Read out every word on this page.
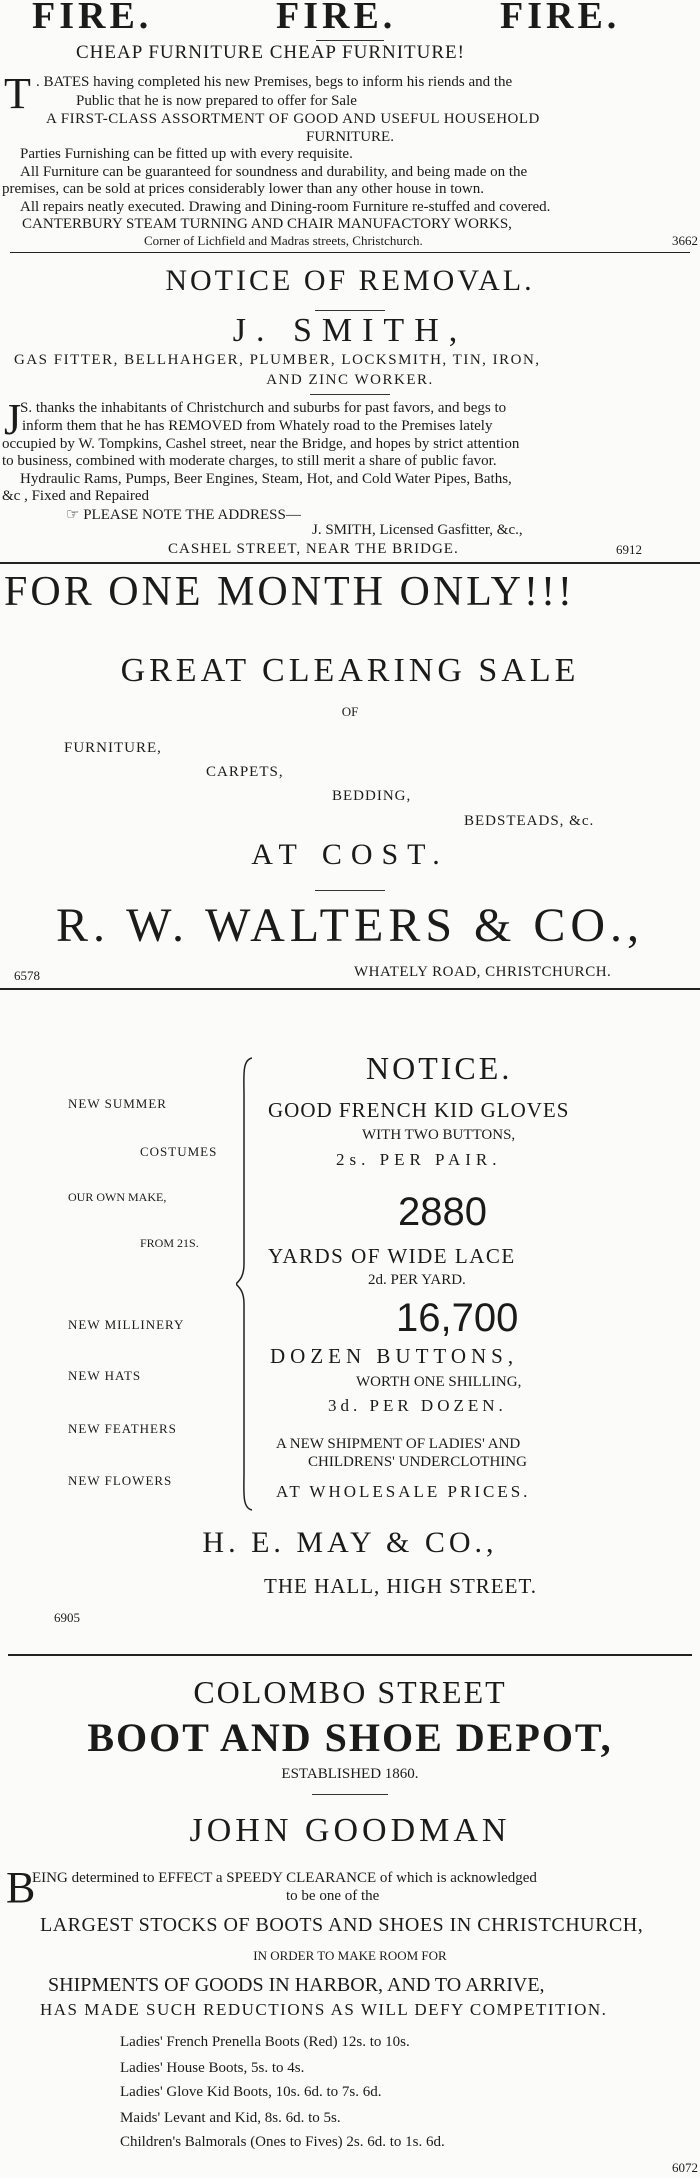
FIRE.	FIRE.	FIRE.
CHEAP FURNITURE CHEAP FURNITURE!
T . BATES having completed his new Premises, begs to inform his riends and the
Public that he is now prepared to offer for Sale
A FIRST-CLASS ASSORTMENT OF GOOD AND USEFUL HOUSEHOLD
FURNITURE.
Parties Furnishing can be fitted up with every requisite.
All Furniture can be guaranteed for soundness and durability, and being made on the
premises, can be sold at prices considerably lower than any other house in town.
All repairs neatly executed. Drawing and Dining-room Furniture re-stuffed and covered.
CANTERBURY STEAM TURNING AND CHAIR MANUFACTORY WORKS,
Corner of Lichfield and Madras streets, Christchurch.	3662
NOTICE OF REMOVAL.
J. SMITH,
GAS FITTER, BELLHAHGER, PLUMBER, LOCKSMITH, TIN, IRON,
AND ZINC WORKER.
J
S. thanks the inhabitants of Christchurch and suburbs for past favors, and begs to
inform them that he has REMOVED from Whately road to the Premises lately
occupied by W. Tompkins, Cashel street, near the Bridge, and hopes by strict attention
to business, combined with moderate charges, to still merit a share of public favor.
Hydraulic Rams, Pumps, Beer Engines, Steam, Hot, and Cold Water Pipes, Baths,
&c , Fixed and Repaired
☞ PLEASE NOTE THE ADDRESS—
J. SMITH, Licensed Gasfitter, &c.,
CASHEL STREET, NEAR THE BRIDGE.	6912
FOR ONE MONTH ONLY!!!
GREAT CLEARING SALE
OF
FURNITURE,
CARPETS,
BEDDING,
BEDSTEADS, &c.
AT COST.
R. W. WALTERS & CO.,
6578	WHATELY ROAD, CHRISTCHURCH.
NEW SUMMER
COSTUMES
OUR OWN MAKE,
FROM 21S.
NEW MILLINERY
NEW HATS
NEW FEATHERS
NEW FLOWERS
NOTICE.
GOOD FRENCH KID GLOVES
WITH TWO BUTTONS,
2s. PER PAIR.
2880
YARDS OF WIDE LACE
2d. PER YARD.
16,700
DOZEN BUTTONS,
WORTH ONE SHILLING,
3d. PER DOZEN.
A NEW SHIPMENT OF LADIES' AND
CHILDRENS' UNDERCLOTHING
AT WHOLESALE PRICES.
H. E. MAY & CO.,
THE HALL, HIGH STREET.
6905
COLOMBO STREET
BOOT AND SHOE DEPOT,
ESTABLISHED 1860.
JOHN GOODMAN
B
EING determined to EFFECT a SPEEDY CLEARANCE of which is acknowledged
to be one of the
LARGEST STOCKS OF BOOTS AND SHOES IN CHRISTCHURCH,
IN ORDER TO MAKE ROOM FOR
SHIPMENTS OF GOODS IN HARBOR, AND TO ARRIVE,
HAS MADE SUCH REDUCTIONS AS WILL DEFY COMPETITION.
Ladies' French Prenella Boots (Red) 12s. to 10s.
Ladies' House Boots, 5s. to 4s.
Ladies' Glove Kid Boots, 10s. 6d. to 7s. 6d.
Maids' Levant and Kid, 8s. 6d. to 5s.
Children's Balmorals (Ones to Fives) 2s. 6d. to 1s. 6d.
6072
